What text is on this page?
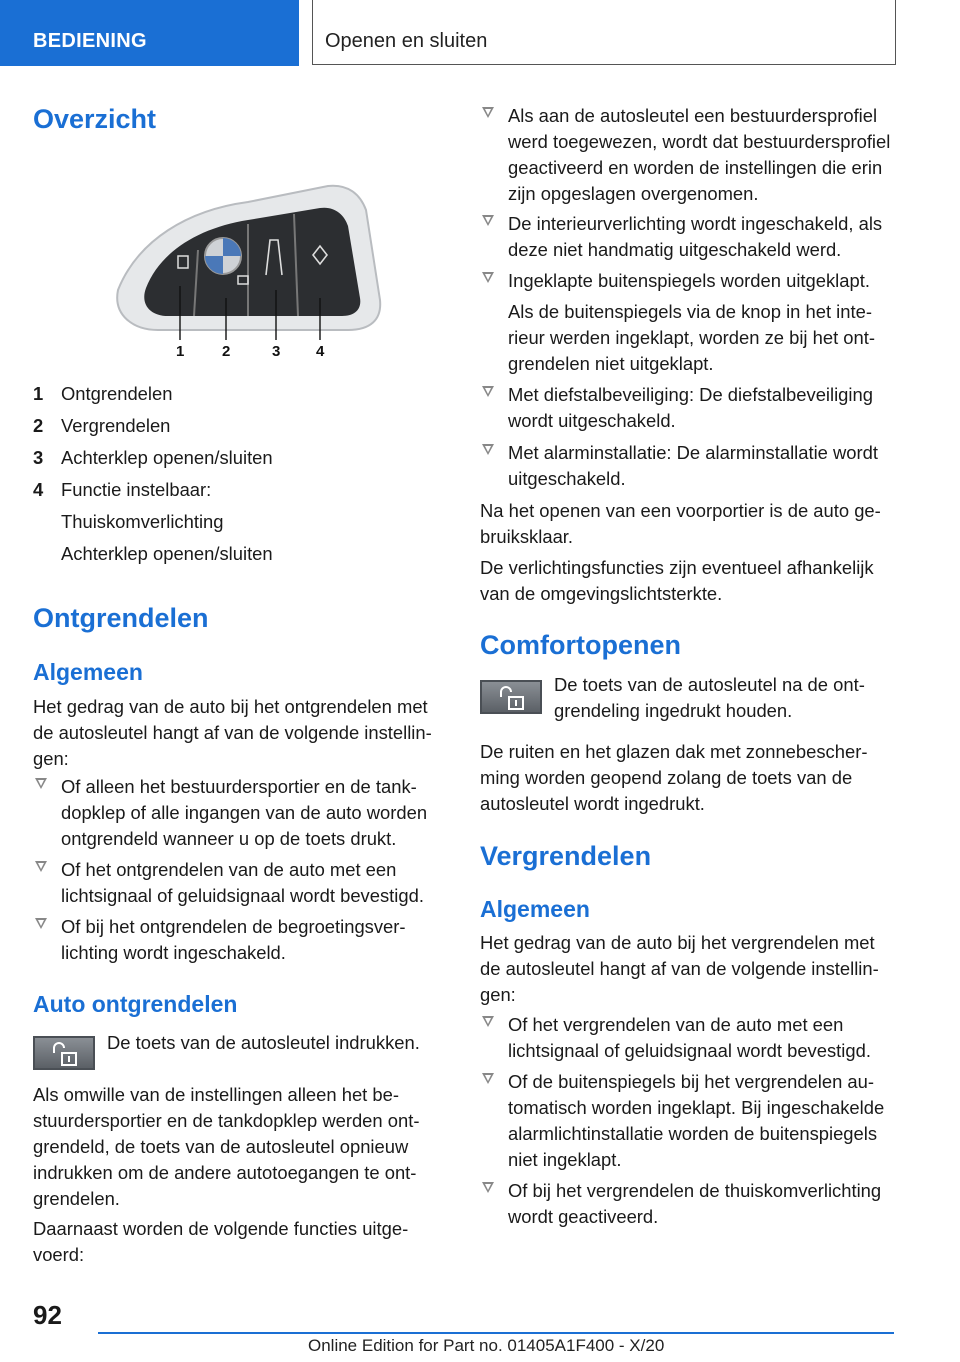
BEDIENING	Openen en sluiten
Overzicht
1	2	3 4
1 Ontgrendelen
2 Vergrendelen
3 Achterklep openen/sluiten
4 Functie instelbaar:
Thuiskomverlichting
Achterklep openen/sluiten
Ontgrendelen
Algemeen
Het gedrag van de auto bij het ontgrendelen met de autosleutel hangt af van de volgende instellingen:
Of alleen het bestuurdersportier en de tankdopklep of alle ingangen van de auto worden ontgrendeld wanneer u op de toets drukt.
Of het ontgrendelen van de auto met een lichtsignaal of geluidsignaal wordt bevestigd.
Of bij het ontgrendelen de begroetingsverlichting wordt ingeschakeld.
Auto ontgrendelen
De toets van de autosleutel indrukken.
Als omwille van de instellingen alleen het bestuurdersportier en de tankdopklep werden ontgrendeld, de toets van de autosleutel opnieuw indrukken om de andere autotoegangen te ontgrendelen.
Daarnaast worden de volgende functies uitgevoerd:
Als aan de autosleutel een bestuurdersprofiel werd toegewezen, wordt dat bestuurdersprofiel geactiveerd en worden de instellingen die erin zijn opgeslagen overgenomen.
De interieurverlichting wordt ingeschakeld, als deze niet handmatig uitgeschakeld werd.
Ingeklapte buitenspiegels worden uitgeklapt.
Als de buitenspiegels via de knop in het interieur werden ingeklapt, worden ze bij het ontgrendelen niet uitgeklapt.
Met diefstalbeveiliging: De diefstalbeveiliging wordt uitgeschakeld.
Met alarminstallatie: De alarminstallatie wordt uitgeschakeld.
Na het openen van een voorportier is de auto gebruiksklaar.
De verlichtingsfuncties zijn eventueel afhankelijk van de omgevingslichtsterkte.
Comfortopenen
De toets van de autosleutel na de ontgrendeling ingedrukt houden.
De ruiten en het glazen dak met zonnebescherming worden geopend zolang de toets van de autosleutel wordt ingedrukt.
Vergrendelen
Algemeen
Het gedrag van de auto bij het vergrendelen met de autosleutel hangt af van de volgende instellingen:
Of het vergrendelen van de auto met een lichtsignaal of geluidsignaal wordt bevestigd.
Of de buitenspiegels bij het vergrendelen automatisch worden ingeklapt. Bij ingeschakelde alarmlichtinstallatie worden de buitenspiegels niet ingeklapt.
Of bij het vergrendelen de thuiskomverlichting wordt geactiveerd.
92
Online Edition for Part no. 01405A1F400 - X/20
